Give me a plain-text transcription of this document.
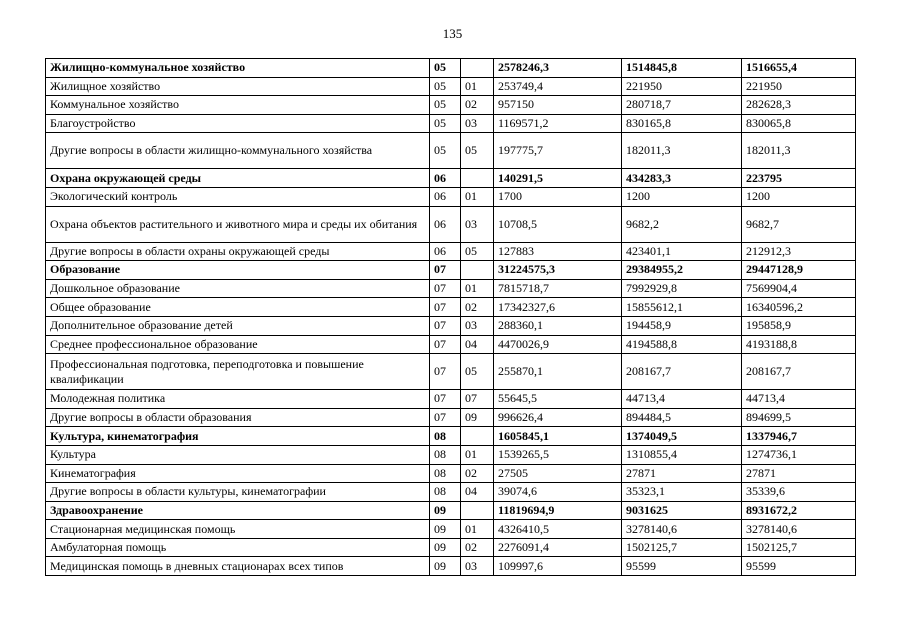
135
Жилищно-коммунальное хозяйство	05		2578246,3	1514845,8	1516655,4
Жилищное хозяйство	05	01	253749,4	221950	221950
Коммунальное хозяйство	05	02	957150	280718,7	282628,3
Благоустройство	05	03	1169571,2	830165,8	830065,8
Другие вопросы в области жилищно-коммунального хозяйства	05	05	197775,7	182011,3	182011,3
Охрана окружающей среды	06		140291,5	434283,3	223795
Экологический контроль	06	01	1700	1200	1200
Охрана объектов растительного и животного мира и среды их обитания	06	03	10708,5	9682,2	9682,7
Другие вопросы в области охраны окружающей среды	06	05	127883	423401,1	212912,3
Образование	07		31224575,3	29384955,2	29447128,9
Дошкольное образование	07	01	7815718,7	7992929,8	7569904,4
Общее образование	07	02	17342327,6	15855612,1	16340596,2
Дополнительное образование детей	07	03	288360,1	194458,9	195858,9
Среднее профессиональное образование	07	04	4470026,9	4194588,8	4193188,8
Профессиональная подготовка, переподготовка и повышение квалификации	07	05	255870,1	208167,7	208167,7
Молодежная политика	07	07	55645,5	44713,4	44713,4
Другие вопросы в области образования	07	09	996626,4	894484,5	894699,5
Культура, кинематография	08		1605845,1	1374049,5	1337946,7
Культура	08	01	1539265,5	1310855,4	1274736,1
Кинематография	08	02	27505	27871	27871
Другие вопросы в области культуры, кинематографии	08	04	39074,6	35323,1	35339,6
Здравоохранение	09		11819694,9	9031625	8931672,2
Стационарная медицинская помощь	09	01	4326410,5	3278140,6	3278140,6
Амбулаторная помощь	09	02	2276091,4	1502125,7	1502125,7
Медицинская помощь в дневных стационарах всех типов	09	03	109997,6	95599	95599
